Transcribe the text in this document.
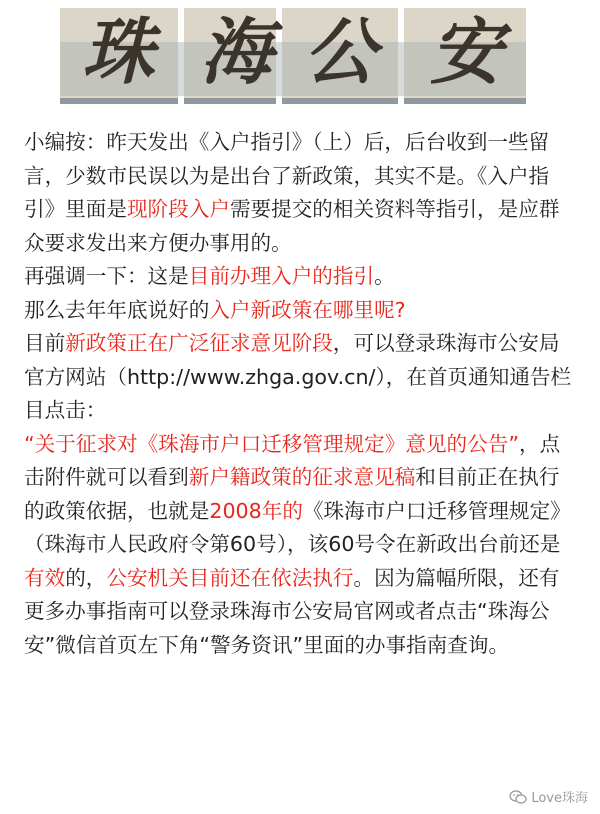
珠 海 公 安

小编按：昨天发出《入户指引》（上）后，后台收到一些留言，少数市民误以为是出台了新政策，其实不是。《入户指引》里面是现阶段入户需要提交的相关资料等指引，是应群众要求发出来方便办事用的。

再强调一下：这是目前办理入户的指引。

那么去年年底说好的入户新政策在哪里呢?

目前新政策正在广泛征求意见阶段，可以登录珠海市公安局官方网站（http://www.zhga.gov.cn/），在首页通知通告栏目点击：

“关于征求对《珠海市户口迁移管理规定》意见的公告”，点击附件就可以看到新户籍政策的征求意见稿和目前正在执行的政策依据，也就是2008年的《珠海市户口迁移管理规定》（珠海市人民政府令第60号），该60号令在新政出台前还是有效的，公安机关目前还在依法执行。因为篇幅所限，还有更多办事指南可以登录珠海市公安局官网或者点击“珠海公安”微信首页左下角“警务资讯”里面的办事指南查询。

Love珠海
